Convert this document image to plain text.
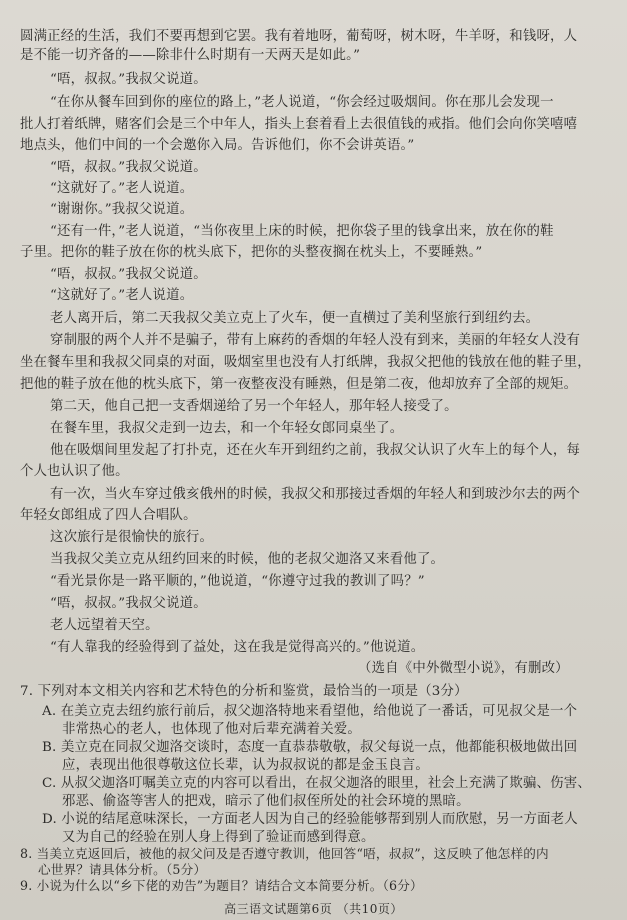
圆满正经的生活，我们不要再想到它罢。我有着地呀，葡萄呀，树木呀，牛羊呀，和钱呀，人
是不能一切齐备的——除非什么时期有一天两天是如此。”
“唔，叔叔。”我叔父说道。
“在你从餐车回到你的座位的路上，”老人说道，“你会经过吸烟间。你在那儿会发现一
批人打着纸牌，赌客们会是三个中年人，指头上套着看上去很值钱的戒指。他们会向你笑嘻嘻
地点头，他们中间的一个会邀你入局。告诉他们，你不会讲英语。”
“唔，叔叔。”我叔父说道。
“这就好了。”老人说道。
“谢谢你。”我叔父说道。
“还有一件，”老人说道，“当你夜里上床的时候，把你袋子里的钱拿出来，放在你的鞋
子里。把你的鞋子放在你的枕头底下，把你的头整夜搁在枕头上，不要睡熟。”
“唔，叔叔。”我叔父说道。
“这就好了。”老人说道。
老人离开后，第二天我叔父美立克上了火车，便一直横过了美利坚旅行到纽约去。
穿制服的两个人并不是骗子，带有上麻药的香烟的年轻人没有到来，美丽的年轻女人没有
坐在餐车里和我叔父同桌的对面，吸烟室里也没有人打纸牌，我叔父把他的钱放在他的鞋子里，
把他的鞋子放在他的枕头底下，第一夜整夜没有睡熟，但是第二夜，他却放弃了全部的规矩。
第二天，他自己把一支香烟递给了另一个年轻人，那年轻人接受了。
在餐车里，我叔父走到一边去，和一个年轻女郎同桌坐了。
他在吸烟间里发起了打扑克，还在火车开到纽约之前，我叔父认识了火车上的每个人，每
个人也认识了他。
有一次，当火车穿过俄亥俄州的时候，我叔父和那接过香烟的年轻人和到玻沙尔去的两个
年轻女郎组成了四人合唱队。
这次旅行是很愉快的旅行。
当我叔父美立克从纽约回来的时候，他的老叔父迦洛又来看他了。
“看光景你是一路平顺的，”他说道，“你遵守过我的教训了吗？”
“唔，叔叔。”我叔父说道。
老人远望着天空。
“有人靠我的经验得到了益处，这在我是觉得高兴的。”他说道。
（选自《中外微型小说》，有删改）
7. 下列对本文相关内容和艺术特色的分析和鉴赏，最恰当的一项是（3分）
A. 在美立克去纽约旅行前后，叔父迦洛特地来看望他，给他说了一番话，可见叔父是一个
非常热心的老人，也体现了他对后辈充满着关爱。
B. 美立克在同叔父迦洛交谈时，态度一直恭恭敬敬，叔父每说一点，他都能积极地做出回
应，表现出他很尊敬这位长辈，认为叔叔说的都是金玉良言。
C. 从叔父迦洛叮嘱美立克的内容可以看出，在叔父迦洛的眼里，社会上充满了欺骗、伤害、
邪恶、偷盗等害人的把戏，暗示了他们叔侄所处的社会环境的黑暗。
D. 小说的结尾意味深长，一方面老人因为自己的经验能够帮到别人而欣慰，另一方面老人
又为自己的经验在别人身上得到了验证而感到得意。
8. 当美立克返回后，被他的叔父问及是否遵守教训，他回答“唔，叔叔”，这反映了他怎样的内
心世界？请具体分析。（5分）
9. 小说为什么以“乡下佬的劝告”为题目？请结合文本简要分析。（6分）
高三语文试题第6页 （共10页）
